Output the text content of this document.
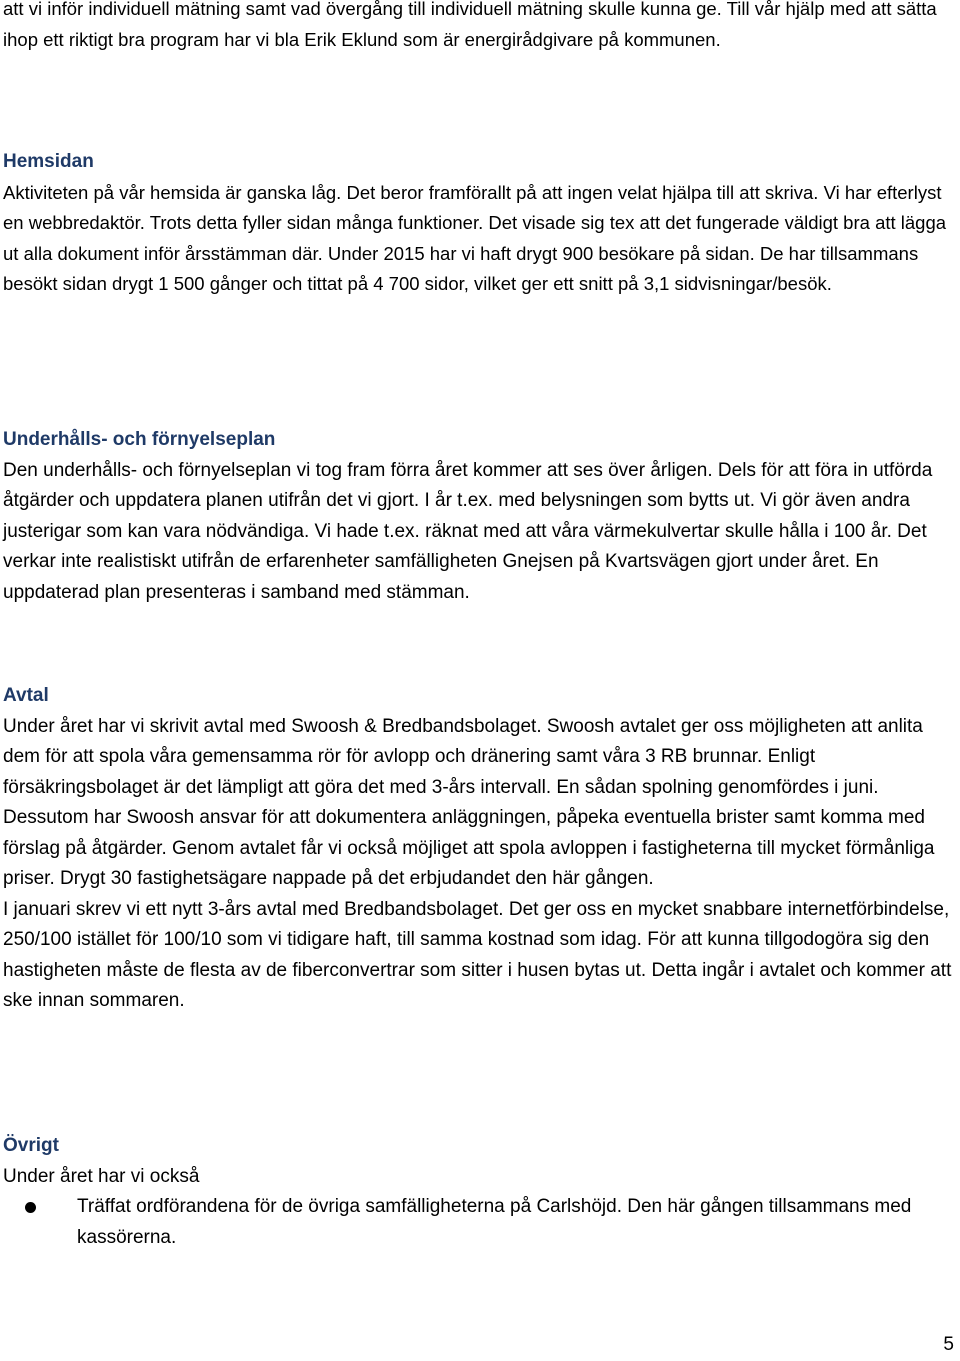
att vi inför individuell mätning samt vad övergång till individuell mätning skulle kunna ge. Till vår hjälp med att sätta ihop ett riktigt bra program har vi bla Erik Eklund som är energirådgivare på kommunen.

Hemsidan

Aktiviteten på vår hemsida är ganska låg. Det beror framförallt på att ingen velat hjälpa till att skriva. Vi har efterlyst en webbredaktör. Trots detta fyller sidan många funktioner. Det visade sig tex att det fungerade väldigt bra att lägga ut alla dokument inför årsstämman där. Under 2015 har vi haft drygt 900 besökare på sidan. De har tillsammans besökt sidan drygt 1 500 gånger och tittat på 4 700 sidor, vilket ger ett snitt på 3,1 sidvisningar/besök.

Underhålls- och förnyelseplan

Den underhålls- och förnyelseplan vi tog fram förra året kommer att ses över årligen. Dels för att föra in utförda åtgärder och uppdatera planen utifrån det vi gjort. I år t.ex. med belysningen som bytts ut. Vi gör även andra justerigar som kan vara nödvändiga. Vi hade t.ex. räknat med att våra värmekulvertar skulle hålla i 100 år. Det verkar inte realistiskt utifrån de erfarenheter samfälligheten Gnejsen på Kvartsvägen gjort under året. En uppdaterad plan presenteras i samband med stämman.

Avtal

Under året har vi skrivit avtal med Swoosh & Bredbandsbolaget. Swoosh avtalet ger oss möjligheten att anlita dem för att spola våra gemensamma rör för avlopp och dränering samt våra 3 RB brunnar. Enligt försäkringsbolaget är det lämpligt att göra det med 3-års intervall. En sådan spolning genomfördes i juni. Dessutom har Swoosh ansvar för att dokumentera anläggningen, påpeka eventuella brister samt komma med förslag på åtgärder. Genom avtalet får vi också möjliget att spola avloppen i fastigheterna till mycket förmånliga priser. Drygt 30 fastighetsägare nappade på det erbjudandet den här gången.

I januari skrev vi ett nytt 3-års avtal med Bredbandsbolaget. Det ger oss en mycket snabbare internetförbindelse, 250/100 istället för 100/10 som vi tidigare haft, till samma kostnad som idag. För att kunna tillgodogöra sig den hastigheten måste de flesta av de fiberconvertrar som sitter i husen bytas ut. Detta ingår i avtalet och kommer att ske innan sommaren.

Övrigt

Under året har vi också

Träffat ordförandena för de övriga samfälligheterna på Carlshöjd. Den här gången tillsammans med kassörerna.
5
